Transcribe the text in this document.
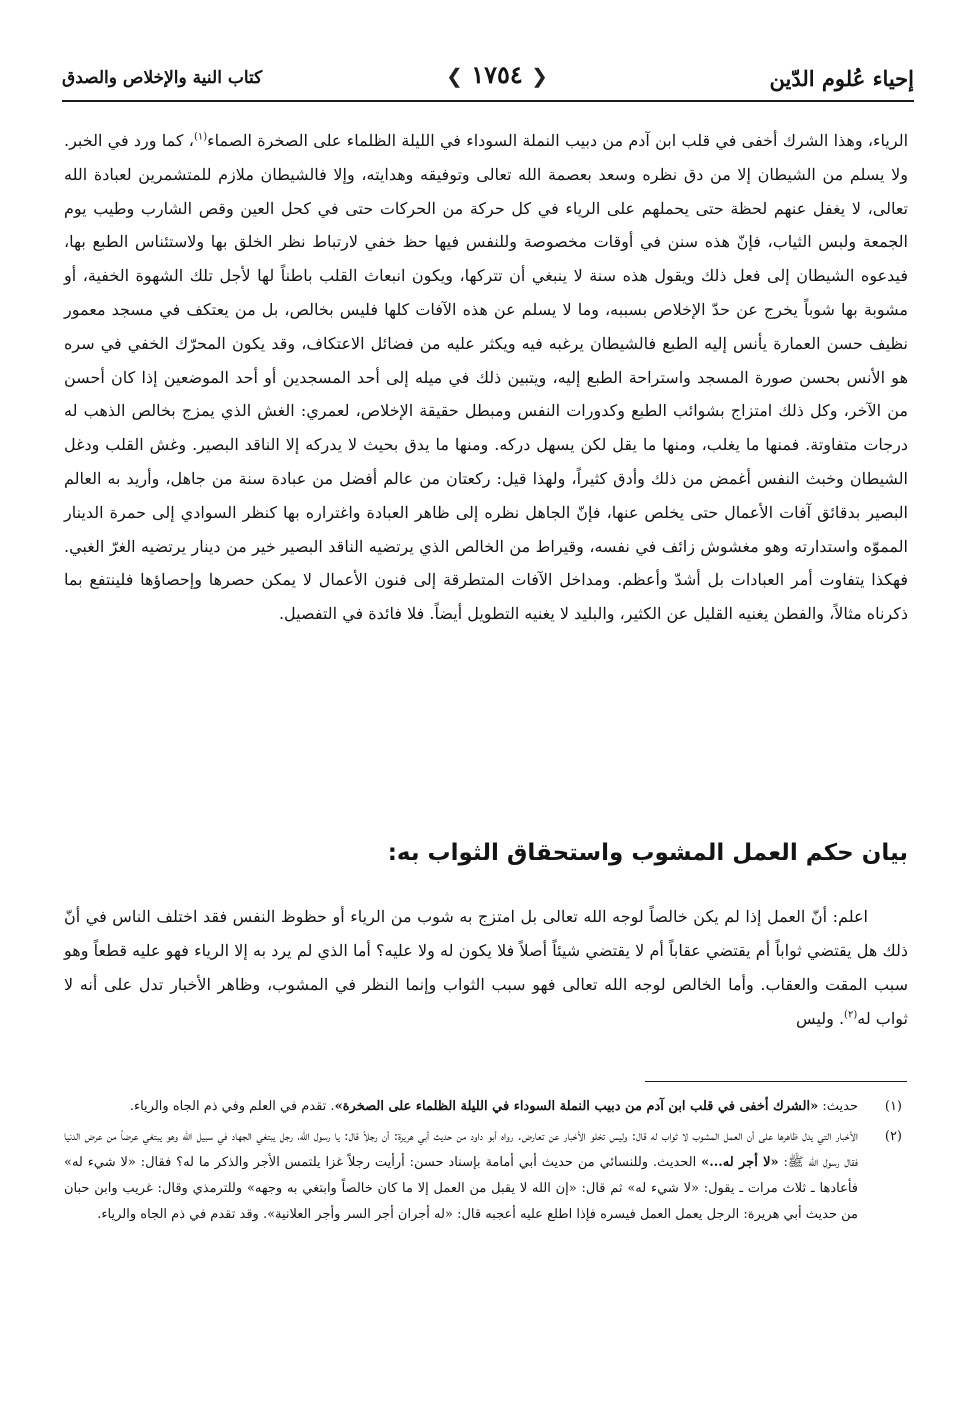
إحياء عُلوم الدّين
❮ ١٧٥٤ ❯
كتاب النية والإخلاص والصدق

الرياء، وهذا الشرك أخفى في قلب ابن آدم من دبيب النملة السوداء في الليلة الظلماء على الصخرة الصماء$^{(١)}$، كما ورد في الخبر. ولا يسلم من الشيطان إلا من دق نظره وسعد بعصمة الله تعالى وتوفيقه وهدايته، وإلا فالشيطان ملازم للمتشمرين لعبادة الله تعالى، لا يغفل عنهم لحظة حتى يحملهم على الرياء في كل حركة من الحركات حتى في كحل العين وقص الشارب وطيب يوم الجمعة ولبس الثياب، فإنّ هذه سنن في أوقات مخصوصة وللنفس فيها حظ خفي لارتباط نظر الخلق بها ولاستئناس الطبع بها، فيدعوه الشيطان إلى فعل ذلك ويقول هذه سنة لا ينبغي أن تتركها، ويكون انبعاث القلب باطناً لها لأجل تلك الشهوة الخفية، أو مشوبة بها شوباً يخرج عن حدّ الإخلاص بسببه، وما لا يسلم عن هذه الآفات كلها فليس بخالص، بل من يعتكف في مسجد معمور نظيف حسن العمارة يأنس إليه الطبع فالشيطان يرغبه فيه ويكثر عليه من فضائل الاعتكاف، وقد يكون المحرّك الخفي في سره هو الأنس بحسن صورة المسجد واستراحة الطبع إليه، ويتبين ذلك في ميله إلى أحد المسجدين أو أحد الموضعين إذا كان أحسن من الآخر، وكل ذلك امتزاج بشوائب الطبع وكدورات النفس ومبطل حقيقة الإخلاص، لعمري: الغش الذي يمزج بخالص الذهب له درجات متفاوتة. فمنها ما يغلب، ومنها ما يقل لكن يسهل دركه. ومنها ما يدق بحيث لا يدركه إلا الناقد البصير. وغش القلب ودغل الشيطان وخبث النفس أغمض من ذلك وأدق كثيراً، ولهذا قيل: ركعتان من عالم أفضل من عبادة سنة من جاهل، وأريد به العالم البصير بدقائق آفات الأعمال حتى يخلص عنها، فإنّ الجاهل نظره إلى ظاهر العبادة واغتراره بها كنظر السوادي إلى حمرة الدينار المموّه واستدارته وهو مغشوش زائف في نفسه، وقيراط من الخالص الذي يرتضيه الناقد البصير خير من دينار يرتضيه الغرّ الغبي. فهكذا يتفاوت أمر العبادات بل أشدّ وأعظم. ومداخل الآفات المتطرقة إلى فنون الأعمال لا يمكن حصرها وإحصاؤها فلينتفع بما ذكرناه مثالاً، والفطن يغنيه القليل عن الكثير، والبليد لا يغنيه التطويل أيضاً. فلا فائدة في التفصيل.

بيان حكم العمل المشوب واستحقاق الثواب به:
اعلم: أنّ العمل إذا لم يكن خالصاً لوجه الله تعالى بل امتزج به شوب من الرياء أو حظوظ النفس فقد اختلف الناس في أنّ ذلك هل يقتضي ثواباً أم يقتضي عقاباً أم لا يقتضي شيئاً أصلاً فلا يكون له ولا عليه؟ أما الذي لم يرد به إلا الرياء فهو عليه قطعاً وهو سبب المقت والعقاب. وأما الخالص لوجه الله تعالى فهو سبب الثواب وإنما النظر في المشوب، وظاهر الأخبار تدل على أنه لا ثواب له$^{(٢)}$. وليس
(١)
حديث: «الشرك أخفى في قلب ابن آدم من دبيب النملة السوداء في الليلة الظلماء على الصخرة». تقدم في العلم وفي ذم الجاه والرياء.
(٢)
الأخبار التي يدل ظاهرها على أن العمل المشوب لا ثواب له قال: وليس تخلو الأخبار عن تعارض. رواه أبو داود من حديث أبي هريرة: أن رجلاً قال: يا رسول الله، رجل يبتغي الجهاد في سبيل الله وهو يبتغي عرضاً من عرض الدنيا فقال رسول الله ﷺ: «لا أجر له...» الحديث. وللنسائي من حديث أبي أمامة بإسناد حسن: أرأيت رجلاً غزا يلتمس الأجر والذكر ما له؟ فقال: «لا شيء له» فأعادها ـ ثلاث مرات ـ يقول: «لا شيء له» ثم قال: «إن الله لا يقبل من العمل إلا ما كان خالصاً وابتغي به وجهه» وللترمذي وقال: غريب وابن حبان من حديث أبي هريرة: الرجل يعمل العمل فيسره فإذا اطلع عليه أعجبه قال: «له أجران أجر السر وأجر العلانية». وقد تقدم في ذم الجاه والرياء.
